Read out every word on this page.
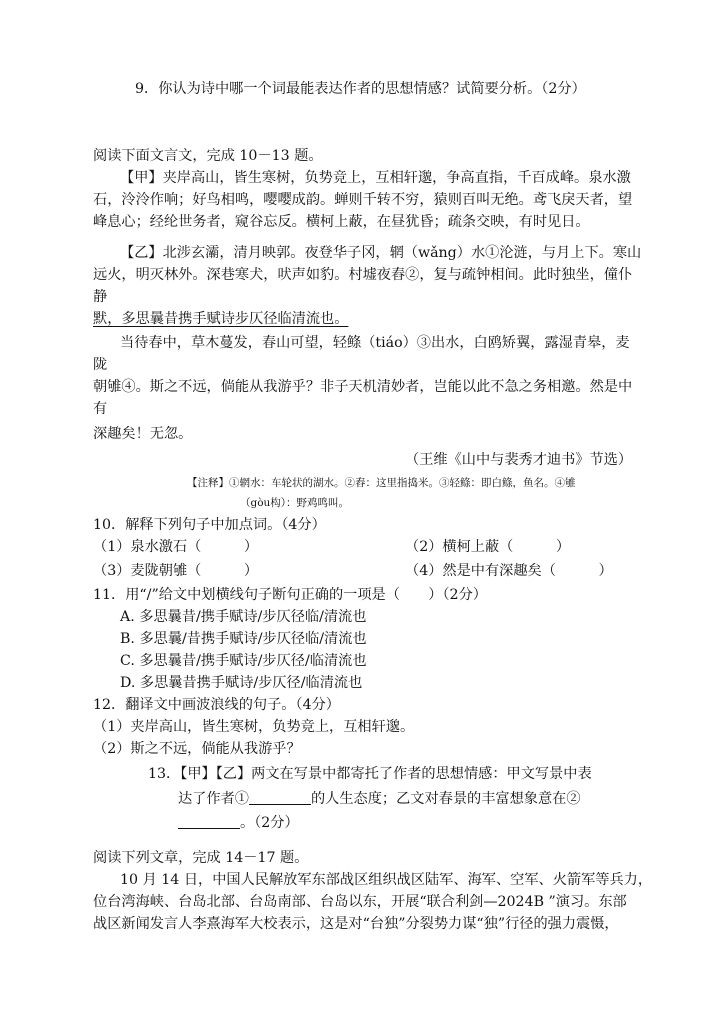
9．你认为诗中哪一个词最能表达作者的思想情感？试简要分析。（2分）
阅读下面文言文，完成 10－13 题。
【甲】夹岸高山，皆生寒树，负势竞上，互相轩邈，争高直指，千百成峰。泉水激
石，泠泠作响；好鸟相鸣，嘤嘤成韵。蝉则千转不穷，猿则百叫无绝。鸢飞戾天者，望
峰息心；经纶世务者，窥谷忘反。横柯上蔽，在昼犹昏；疏条交映，有时见日。
【乙】北涉玄灞，清月映郭。夜登华子冈，辋（wǎng）水①沦涟，与月上下。寒山
远火，明灭林外。深巷寒犬，吠声如豹。村墟夜舂②，复与疏钟相间。此时独坐，僮仆
静
默，多思曩昔携手赋诗步仄径临清流也。
当待春中，草木蔓发，春山可望，轻鲦（tiáo）③出水，白鸥矫翼，露湿青皋，麦
陇
朝雊④。斯之不远，倘能从我游乎？非子天机清妙者，岂能以此不急之务相邀。然是中
有
深趣矣！无忽。
（王维《山中与裴秀才迪书》节选）
【注释】①辋水：车轮状的湖水。②舂：这里指捣米。③轻鲦：即白鲦，鱼名。④雊
（gòu构）：野鸡鸣叫。
10．解释下列句子中加点词。（4分）
（1）泉水激石（　　　）	（2）横柯上蔽（　　　）
（3）麦陇朝雊（　　　）	（4）然是中有深趣矣（　　　）
11．用“/”给文中划横线句子断句正确的一项是（　　）（2分）
A. 多思曩昔/携手赋诗/步仄径临/清流也
B. 多思曩/昔携手赋诗/步仄径临/清流也
C. 多思曩昔/携手赋诗/步仄径/临清流也
D. 多思曩昔携手赋诗/步仄径/临清流也
12．翻译文中画波浪线的句子。（4分）
（1）夹岸高山，皆生寒树，负势竞上，互相轩邈。
（2）斯之不远，倘能从我游乎？
13．【甲】【乙】两文在写景中都寄托了作者的思想情感：甲文写景中表
达了作者①	的人生态度；乙文对春景的丰富想象意在②
。（2分）
阅读下列文章，完成 14－17 题。
10 月 14 日，中国人民解放军东部战区组织战区陆军、海军、空军、火箭军等兵力，
位台湾海峡、台岛北部、台岛南部、台岛以东，开展“联合利剑—2024B ”演习。东部
战区新闻发言人李熹海军大校表示，这是对“台独”分裂势力谋“独”行径的强力震慑，
